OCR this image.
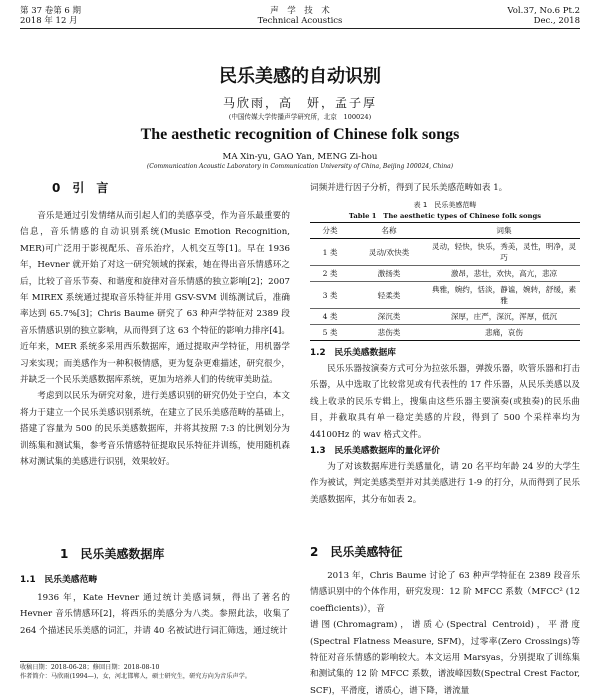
第 37 卷第 6 期
2018 年 12 月
声　学　技　术
Technical Acoustics
Vol.37, No.6 Pt.2
Dec., 2018
民乐美感的自动识别
马欣雨，高　妍，孟子厚
(中国传媒大学传播声学研究所，北京　100024)
The aesthetic recognition of Chinese folk songs
MA Xin-yu, GAO Yan, MENG Zi-hou
(Communication Acoustic Laboratory in Communication University of China, Beijing 100024, China)
0　引　言

音乐是通过引发情绪从而引起人们的美感享受，作为音乐最重要的信息，音乐情感的自动识别系统(Music Emotion Recognition, MER)可广泛用于影视配乐、音乐治疗，人机交互等[1]。早在 1936 年，Hevner 就开始了对这一研究领域的探索，她在得出音乐情感环之后，比较了音乐节奏、和谐度和旋律对音乐情感的独立影响[2]；2007 年 MIREX 系统通过提取音乐特征并用 GSV-SVM 训练测试后，准确率达到 65.7%[3]；Chris Baume 研究了 63 种声学特征对 2389 段音乐情感识别的独立影响，从而得到了这 63 个特征的影响力排序[4]。近年来，MER 系统多采用西乐数据库，通过提取声学特征，用机器学习来实现；而美感作为一种积极情感，更为复杂更难描述，研究很少，并缺乏一个民乐美感数据库系统，更加为培养人们的传统审美助益。

考虑到以民乐为研究对象，进行美感识别的研究仍处于空白，本文将力于建立一个民乐美感识别系统，在建立了民乐美感范畴的基础上，搭建了容量为 500 的民乐美感数据库，并将其按照 7:3 的比例划分为训练集和测试集，参考音乐情感特征提取民乐特征并训练，使用随机森林对测试集的美感进行识别，效果较好。

1　民乐美感数据库
1.1　民乐美感范畴

1936 年，Kate Hevner 通过统计美感词频，得出了著名的 Hevner 音乐情感环[2]，将西乐的美感分为八类。参照此法，收集了 264 个描述民乐美感的词汇，并请 40 名被试进行词汇筛选，通过统计

收稿日期：2018-06-28；修回日期：2018-08-10
作者简介：马欣雨(1994—)，女，河北邯郸人，硕士研究生，研究方向为音乐声学。

词频并进行因子分析，得到了民乐美感范畴如表 1。

表 1　民乐美感范畴
Table 1　The aesthetic types of Chinese folk songs
分类	名称	词集
1 类	灵动/欢快类	灵动，轻快，快乐，秀美，灵性，明净，灵巧
2 类	激扬类	激昂，悲壮，欢快，高亢，悲凉
3 类	轻柔类	典雅，婉约，恬淡，静谧，婉转，舒缓，素雅
4 类	深沉类	深厚，庄严，深沉，浑厚，低沉
5 类	悲伤类	悲痛，哀伤
1.2　民乐美感数据库

民乐乐器按演奏方式可分为拉弦乐器，弹拨乐器，吹管乐器和打击乐器，从中选取了比较常见或有代表性的 17 件乐器，从民乐美感以及线上收录的民乐专辑上，搜集由这些乐器主要演奏(或独奏)的民乐曲目，并截取具有单一稳定美感的片段，得到了 500 个采样率均为 44100Hz 的 wav 格式文件。

1.3　民乐美感数据库的量化评价

为了对该数据库进行美感量化，请 20 名平均年龄 24 岁的大学生作为被试，判定美感类型并对其美感进行 1-9 的打分，从而得到了民乐美感数据库，其分布如表 2。

2　民乐美感特征

2013 年，Chris Baume 讨论了 63 种声学特征在 2389 段音乐情感识别中的个体作用，研究发现：12 阶 MFCC 系数（MFCC² (12 coefficients)），音

谱图(Chromagram)，谱质心(Spectral Centroid)，平滑度(Spectral Flatness Measure, SFM)，过零率(Zero Crossings)等特征对音乐情感的影响较大。本文运用 Marsyas，分别提取了训练集和测试集的 12 阶 MFCC 系数，谱波峰因数(Spectral Crest Factor, SCF)，平滑度，谱质心，谱下降，谱流量
